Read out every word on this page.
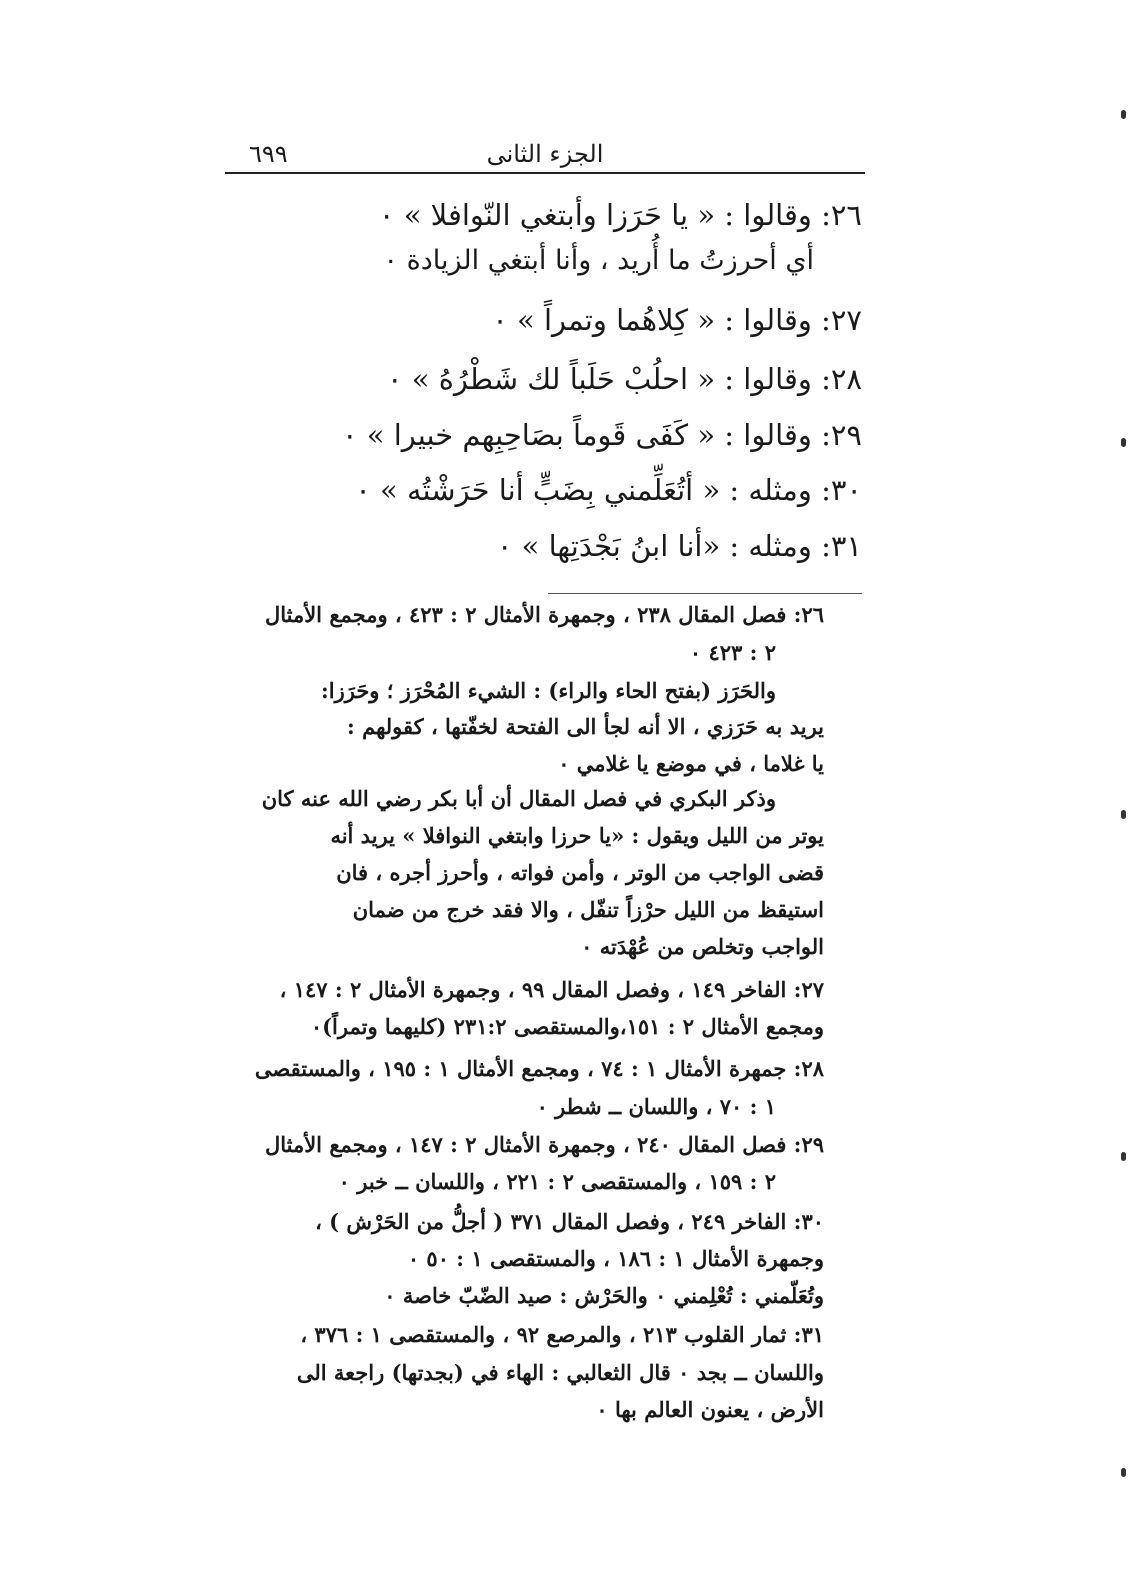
٦٩٩	الجزء الثانى
٢٦: وقالوا : « يا حَرَزا وأبتغي النّوافلا » ٠
أي أحرزتُ ما أُريد ، وأنا أبتغي الزيادة ٠
٢٧: وقالوا : « كِلاهُما وتمراً » ٠
٢٨: وقالوا : « احلُبْ حَلَباً لك شَطْرُهُ » ٠
٢٩: وقالوا : « كَفَى قَوماً بصَاحِبِهم خبيرا » ٠
٣٠: ومثله : « أتُعَلِّمني بِضَبٍّ أنا حَرَشْتُه » ٠
٣١: ومثله : «أنا ابنُ بَجْدَتِها » ٠
٢٦: فصل المقال ٢٣٨ ، وجمهرة الأمثال ٢ : ٤٢٣ ، ومجمع الأمثال
٢ : ٤٢٣ ٠
والحَرَز (بفتح الحاء والراء) : الشيء المُحْرَز ؛ وحَرَزا:
يريد به حَرَزي ، الا أنه لجأ الى الفتحة لخفّتها ، كقولهم :
يا غلاما ، في موضع يا غلامي ٠
وذكر البكري في فصل المقال أن أبا بكر رضي الله عنه كان
يوتر من الليل ويقول : «يا حرزا وابتغي النوافلا » يريد أنه
قضى الواجب من الوتر ، وأمن فواته ، وأحرز أجره ، فان
استيقظ من الليل حرْزاً تنفّل ، والا فقد خرج من ضمان
الواجب وتخلص من عُهْدَته ٠
٢٧: الفاخر ١٤٩ ، وفصل المقال ٩٩ ، وجمهرة الأمثال ٢ : ١٤٧ ،
ومجمع الأمثال ٢ : ١٥١،والمستقصى ٢٣١:٢ (كليهما وتمراً)٠
٢٨: جمهرة الأمثال ١ : ٧٤ ، ومجمع الأمثال ١ : ١٩٥ ، والمستقصى
١ : ٧٠ ، واللسان ــ شطر ٠
٢٩: فصل المقال ٢٤٠ ، وجمهرة الأمثال ٢ : ١٤٧ ، ومجمع الأمثال
٢ : ١٥٩ ، والمستقصى ٢ : ٢٢١ ، واللسان ــ خبر ٠
٣٠: الفاخر ٢٤٩ ، وفصل المقال ٣٧١ ( أجلُّ من الحَرْش ) ،
وجمهرة الأمثال ١ : ١٨٦ ، والمستقصى ١ : ٥٠ ٠
وتُعَلّمني : تُعْلِمني ٠ والحَرْش : صيد الضّبّ خاصة ٠
٣١: ثمار القلوب ٢١٣ ، والمرصع ٩٢ ، والمستقصى ١ : ٣٧٦ ،
واللسان ــ بجد ٠ قال الثعالبي : الهاء في (بجدتها) راجعة الى
الأرض ، يعنون العالم بها ٠
